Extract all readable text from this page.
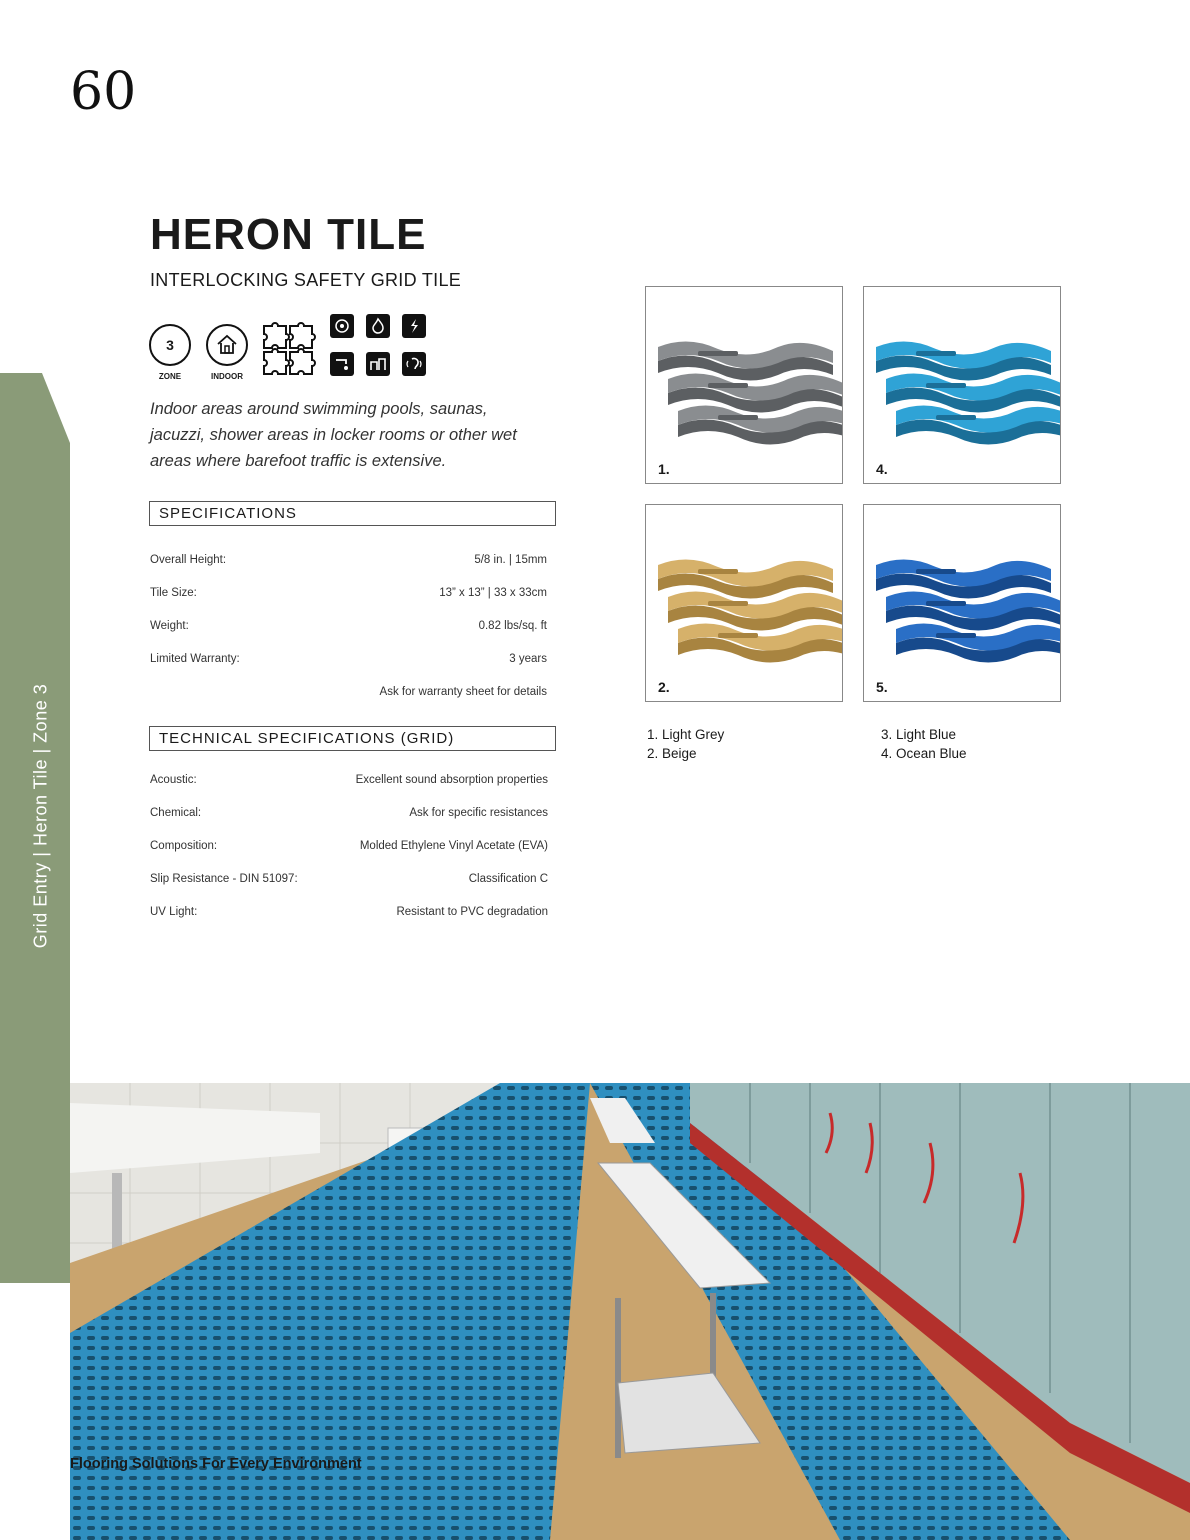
60
Grid Entry | Heron Tile | Zone 3
HERON TILE
INTERLOCKING SAFETY GRID TILE
3
ZONE	INDOOR
Indoor areas around swimming pools, saunas, jacuzzi, shower areas in locker rooms or other wet areas where barefoot traffic is extensive.
SPECIFICATIONS
Overall Height:	5/8 in. | 15mm
Tile Size:	13” x 13” | 33 x 33cm
Weight:	0.82 lbs/sq. ft
Limited Warranty:	3 years
Ask for warranty sheet for details
TECHNICAL SPECIFICATIONS (GRID)
Acoustic:	Excellent sound absorption properties
Chemical:	Ask for specific resistances
Composition:	Molded Ethylene Vinyl Acetate (EVA)
Slip Resistance - DIN 51097:	Classification C
UV Light:	Resistant to PVC degradation
1.	4.
2.	5.
1. Light Grey
2. Beige
3. Light Blue
4. Ocean Blue
Flooring Solutions For Every Environment
